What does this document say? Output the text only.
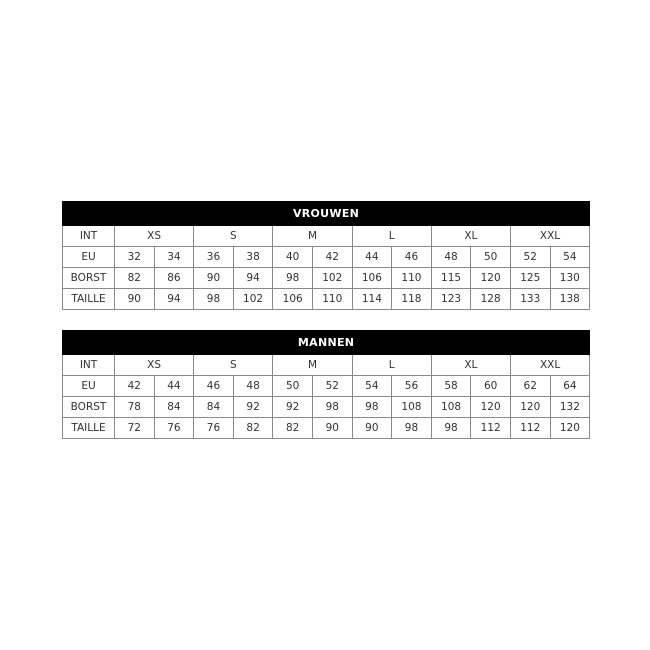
VROUWEN												
INT	XS		S		M		L		XL		XXL	
EU	32	34	36	38	40	42	44	46	48	50	52	54
BORST	82	86	90	94	98	102	106	110	115	120	125	130
TAILLE	90	94	98	102	106	110	114	118	123	128	133	138
MANNEN												
INT	XS		S		M		L		XL		XXL	
EU	42	44	46	48	50	52	54	56	58	60	62	64
BORST	78	84	84	92	92	98	98	108	108	120	120	132
TAILLE	72	76	76	82	82	90	90	98	98	112	112	120
